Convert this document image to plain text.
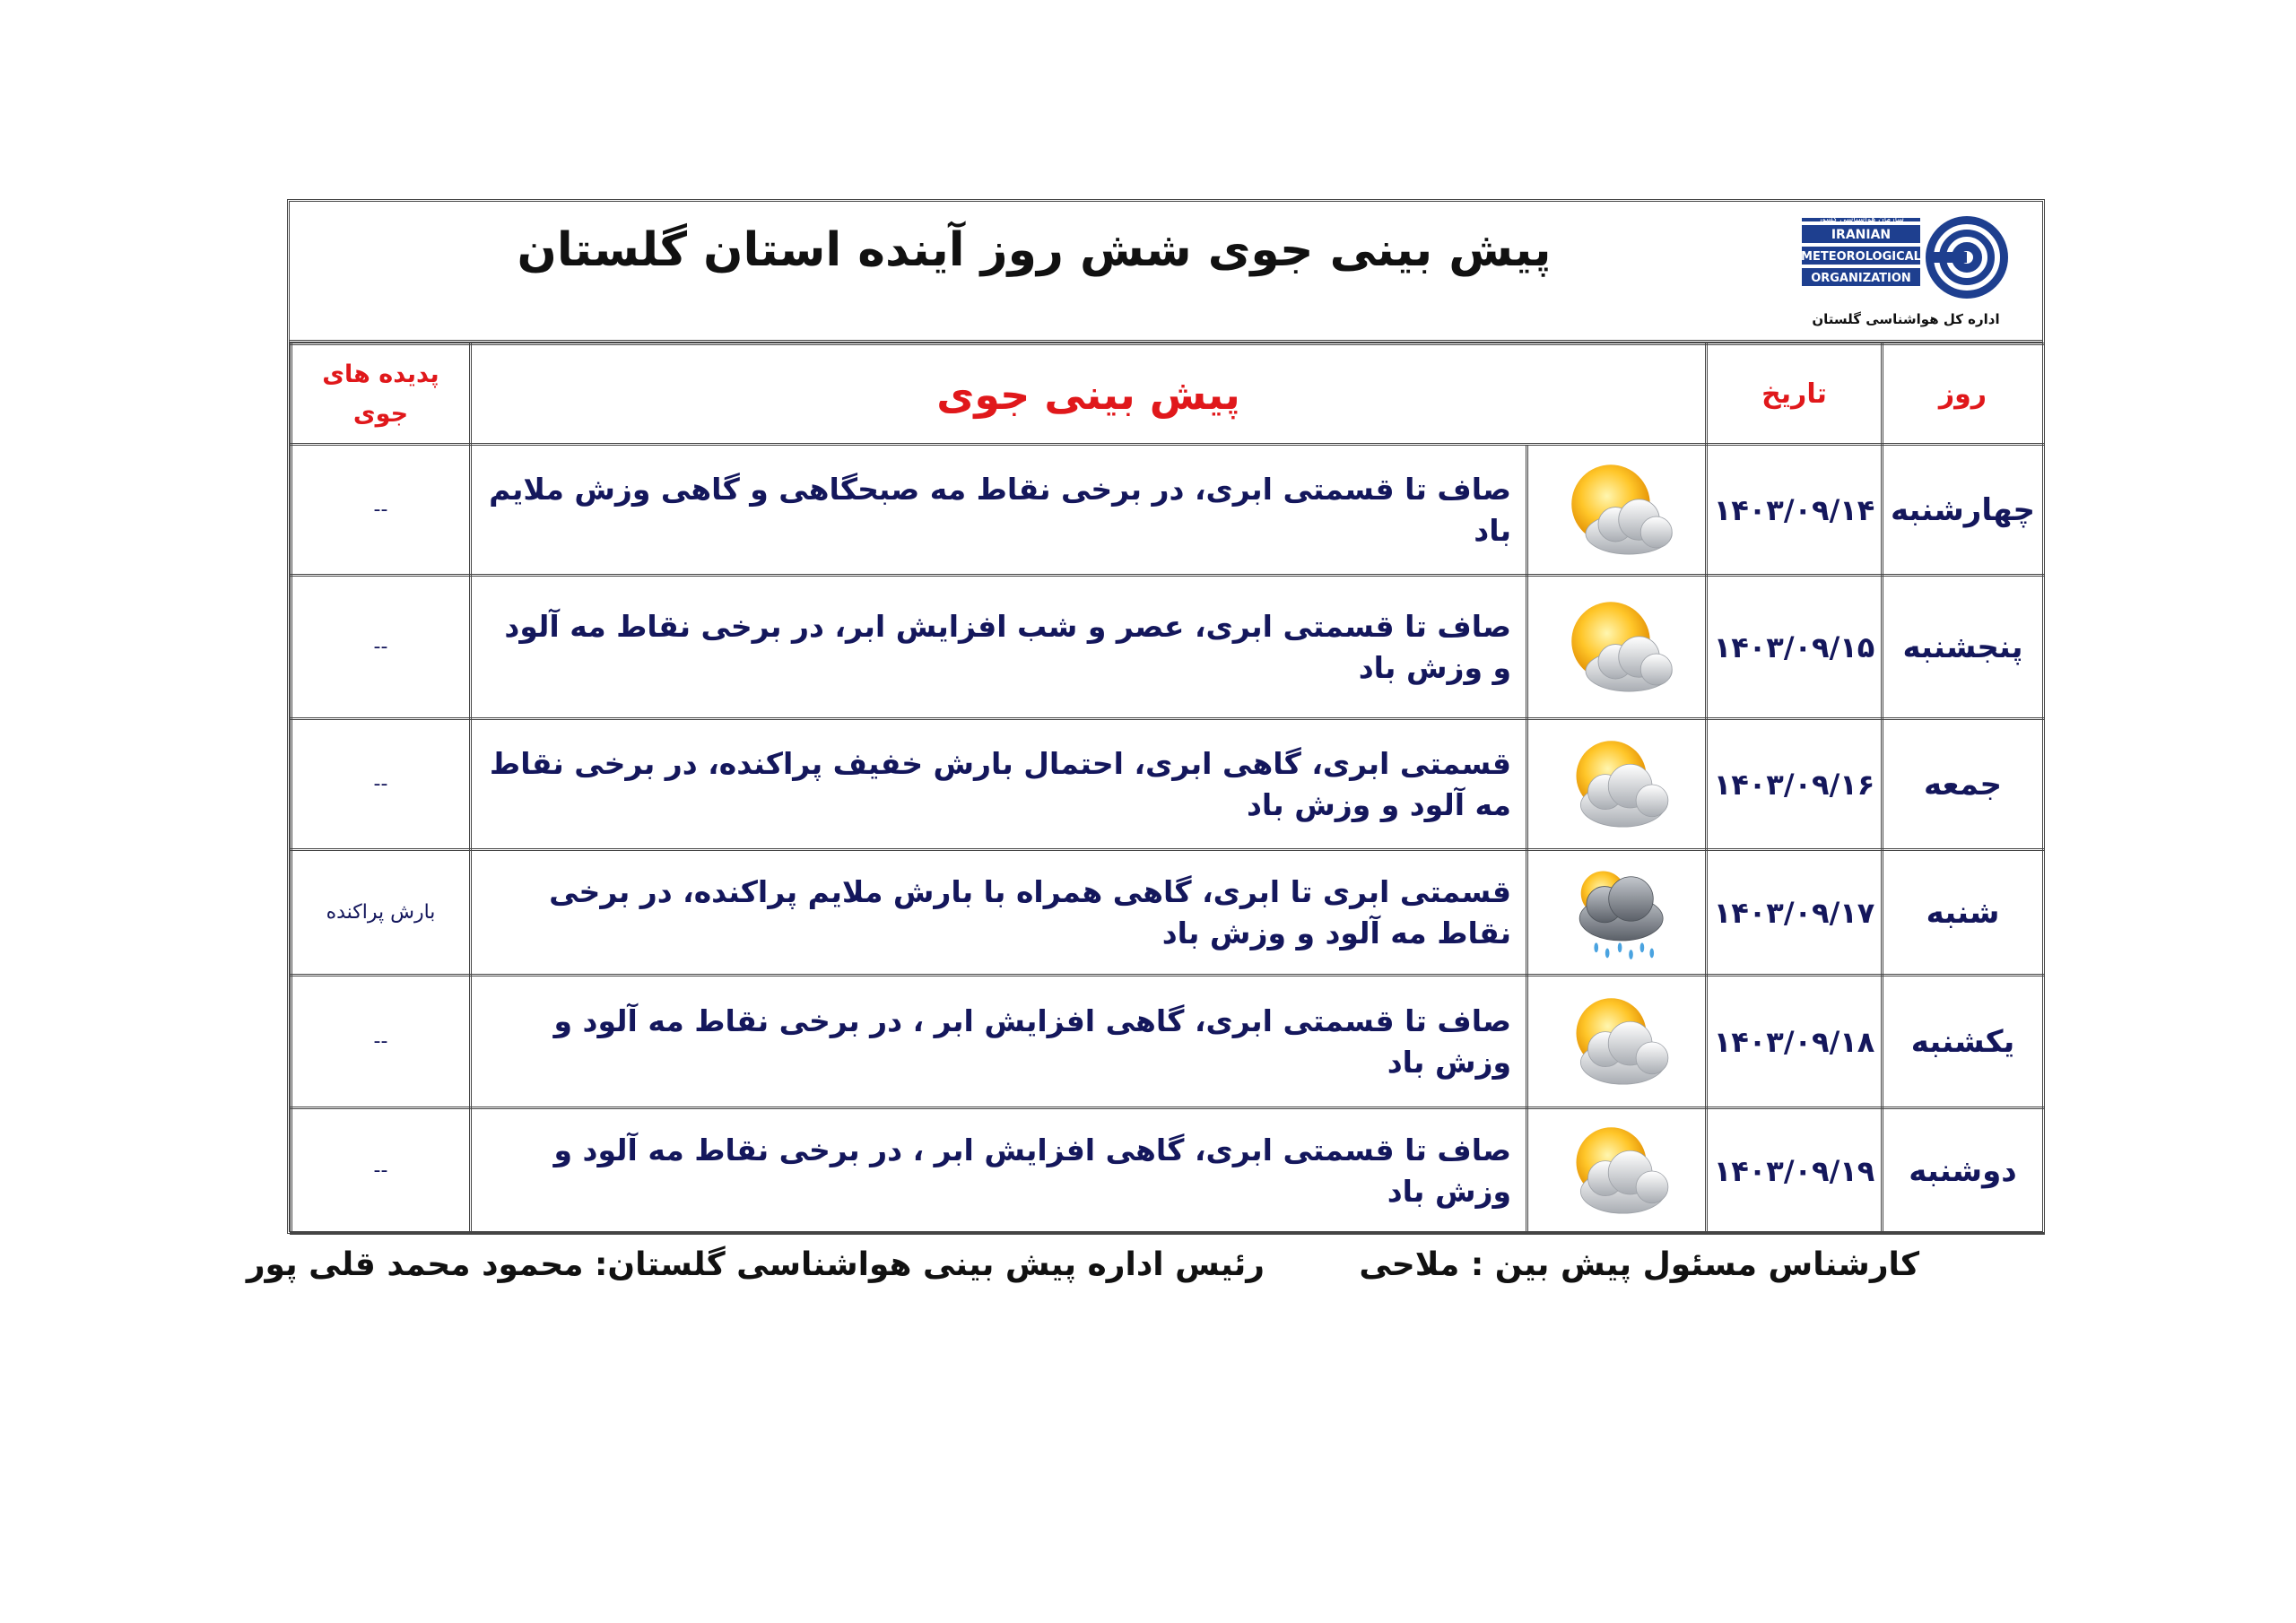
پیش بینی جوی شش روز آینده استان گلستان
سازمان هواشناسی کشور
IRANIAN
METEOROLOGICAL
ORGANIZATION
اداره کل هواشناسی گلستان
پدیده های
جوی	پیش بینی جوی		تاریخ	روز
--	صاف تا قسمتی ابری، در برخی نقاط مه صبحگاهی و گاهی وزش ملایم باد		۱۴۰۳/۰۹/۱۴	چهارشنبه
--	صاف تا قسمتی ابری، عصر و شب افزایش ابر، در برخی نقاط مه آلود و وزش باد		۱۴۰۳/۰۹/۱۵	پنجشنبه
--	قسمتی ابری، گاهی ابری، احتمال بارش خفیف پراکنده، در برخی نقاط مه آلود و وزش باد		۱۴۰۳/۰۹/۱۶	جمعه
بارش پراکنده	قسمتی ابری تا ابری، گاهی همراه با بارش ملایم پراکنده، در برخی نقاط مه آلود و وزش باد		۱۴۰۳/۰۹/۱۷	شنبه
--	صاف تا قسمتی ابری، گاهی افزایش ابر ، در برخی نقاط مه آلود و وزش باد		۱۴۰۳/۰۹/۱۸	یکشنبه
--	صاف تا قسمتی ابری، گاهی افزایش ابر ، در برخی نقاط مه آلود و وزش باد		۱۴۰۳/۰۹/۱۹	دوشنبه
کارشناس مسئول پیش بین : ملاحی
رئیس اداره پیش بینی هواشناسی گلستان: محمود محمد قلی پور
